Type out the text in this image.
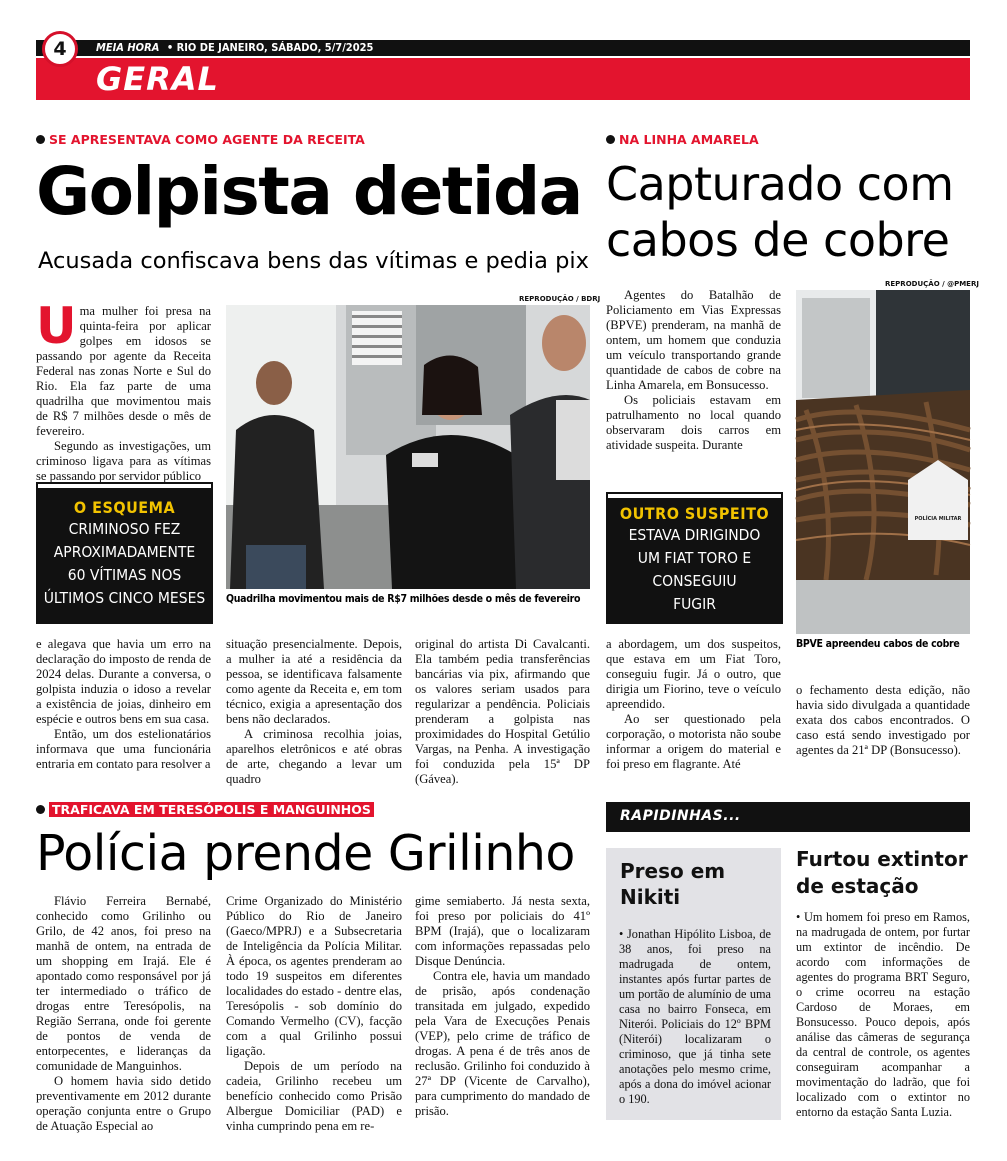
4	MEIA HORA • RIO DE JANEIRO, SÁBADO, 5/7/2025
GERAL
SE APRESENTAVA COMO AGENTE DA RECEITA
Golpista detida
Acusada confiscava bens das vítimas e pedia pix

Uma mulher foi presa na quinta-feira por aplicar golpes em idosos se passando por agente da Receita Federal nas zonas Norte e Sul do Rio. Ela faz parte de uma quadrilha que movimentou mais de R$ 7 milhões desde o mês de fevereiro.

Segundo as investigações, um criminoso ligava para as vítimas se passando por servidor público

O ESQUEMA
CRIMINOSO FEZ
APROXIMADAMENTE
60 VÍTIMAS NOS
ÚLTIMOS CINCO MESES
REPRODUÇÃO / BDRJ
Quadrilha movimentou mais de R$7 milhões desde o mês de fevereiro

e alegava que havia um erro na declaração do imposto de renda de 2024 delas. Durante a conversa, o golpista induzia o idoso a revelar a existência de joias, dinheiro em espécie e outros bens em sua casa.

Então, um dos estelionatários informava que uma funcionária entraria em contato para resolver a

situação presencialmente. Depois, a mulher ia até a residência da pessoa, se identificava falsamente como agente da Receita e, em tom técnico, exigia a apresentação dos bens não declarados.

A criminosa recolhia joias, aparelhos eletrônicos e até obras de arte, chegando a levar um quadro

original do artista Di Cavalcanti. Ela também pedia transferências bancárias via pix, afirmando que os valores seriam usados para regularizar a pendência. Policiais prenderam a golpista nas proximidades do Hospital Getúlio Vargas, na Penha. A investigação foi conduzida pela 15ª DP (Gávea).

NA LINHA AMARELA
Capturado com
cabos de cobre

Agentes do Batalhão de Policiamento em Vias Expressas (BPVE) prenderam, na manhã de ontem, um homem que conduzia um veículo transportando grande quantidade de cabos de cobre na Linha Amarela, em Bonsucesso.

Os policiais estavam em patrulhamento no local quando observaram dois carros em atividade suspeita. Durante

OUTRO SUSPEITO
ESTAVA DIRIGINDO
UM FIAT TORO E
CONSEGUIU
FUGIR
REPRODUÇÃO / @PMERJ
POLÍCIA MILITAR
BPVE apreendeu cabos de cobre

a abordagem, um dos suspeitos, que estava em um Fiat Toro, conseguiu fugir. Já o outro, que dirigia um Fiorino, teve o veículo apreendido.

Ao ser questionado pela corporação, o motorista não soube informar a origem do material e foi preso em flagrante. Até

o fechamento desta edição, não havia sido divulgada a quantidade exata dos cabos encontrados. O caso está sendo investigado por agentes da 21ª DP (Bonsucesso).

TRAFICAVA EM TERESÓPOLIS E MANGUINHOS
Polícia prende Grilinho

Flávio Ferreira Bernabé, conhecido como Grilinho ou Grilo, de 42 anos, foi preso na manhã de ontem, na entrada de um shopping em Irajá. Ele é apontado como responsável por já ter intermediado o tráfico de drogas entre Teresópolis, na Região Serrana, onde foi gerente de pontos de venda de entorpecentes, e lideranças da comunidade de Manguinhos.

O homem havia sido detido preventivamente em 2012 durante operação conjunta entre o Grupo de Atuação Especial ao

Crime Organizado do Ministério Público do Rio de Janeiro (Gaeco/MPRJ) e a Subsecretaria de Inteligência da Polícia Militar. À época, os agentes prenderam ao todo 19 suspeitos em diferentes localidades do estado - dentre elas, Teresópolis - sob domínio do Comando Vermelho (CV), facção com a qual Grilinho possui ligação.

Depois de um período na cadeia, Grilinho recebeu um benefício conhecido como Prisão Albergue Domiciliar (PAD) e vinha cumprindo pena em re-

gime semiaberto. Já nesta sexta, foi preso por policiais do 41º BPM (Irajá), que o localizaram com informações repassadas pelo Disque Denúncia.

Contra ele, havia um mandado de prisão, após condenação transitada em julgado, expedido pela Vara de Execuções Penais (VEP), pelo crime de tráfico de drogas. A pena é de três anos de reclusão. Grilinho foi conduzido à 27ª DP (Vicente de Carvalho), para cumprimento do mandado de prisão.

RAPIDINHAS...
Preso em
Nikiti

• Jonathan Hipólito Lisboa, de 38 anos, foi preso na madrugada de ontem, instantes após furtar partes de um portão de alumínio de uma casa no bairro Fonseca, em Niterói. Policiais do 12º BPM (Niterói) localizaram o criminoso, que já tinha sete anotações pelo mesmo crime, após a dona do imóvel acionar o 190.

Furtou extintor
de estação

• Um homem foi preso em Ramos, na madrugada de ontem, por furtar um extintor de incêndio. De acordo com informações de agentes do programa BRT Seguro, o crime ocorreu na estação Cardoso de Moraes, em Bonsucesso. Pouco depois, após análise das câmeras de segurança da central de controle, os agentes conseguiram acompanhar a movimentação do ladrão, que foi localizado com o extintor no entorno da estação Santa Luzia.
